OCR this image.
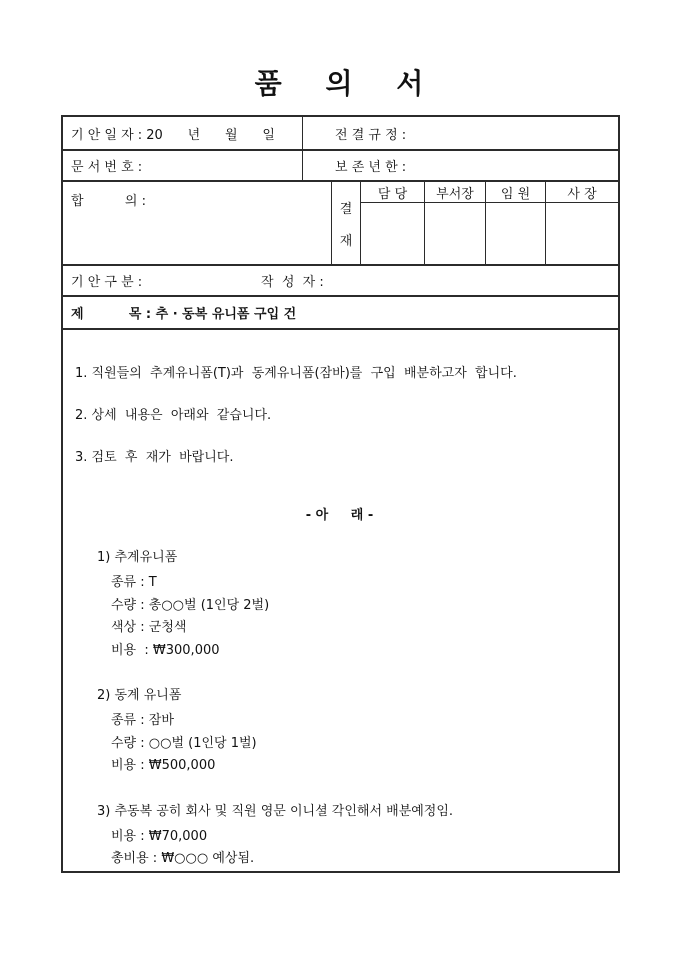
품 의 서
기 안 일 자 : 20      년      월      일	전 결 규 정 :
문 서 번 호 :	보 존 년 한 :
합          의 :	결
재
담 당	부서장	임 원	사 장
기 안 구 분 :	작  성  자 :
제          목 : 추 · 동복 유니폼 구입 건
1. 직원들의  추계유니폼(T)과  동계유니폼(잠바)를  구입  배분하고자  합니다.
2. 상세  내용은  아래와  같습니다.
3. 검토  후  재가  바랍니다.
- 아     래 -
1) 추계유니폼
종류 : T
수량 : 총○○벌 (1인당 2벌)
색상 : 군청색
비용  : ₩300,000
2) 동계 유니폼
종류 : 잠바
수량 : ○○벌 (1인당 1벌)
비용 : ₩500,000
3) 추동복 공히 회사 및 직원 영문 이니셜 각인해서 배분예정임.
비용 : ₩70,000
총비용 : ₩○○○ 예상됨.
